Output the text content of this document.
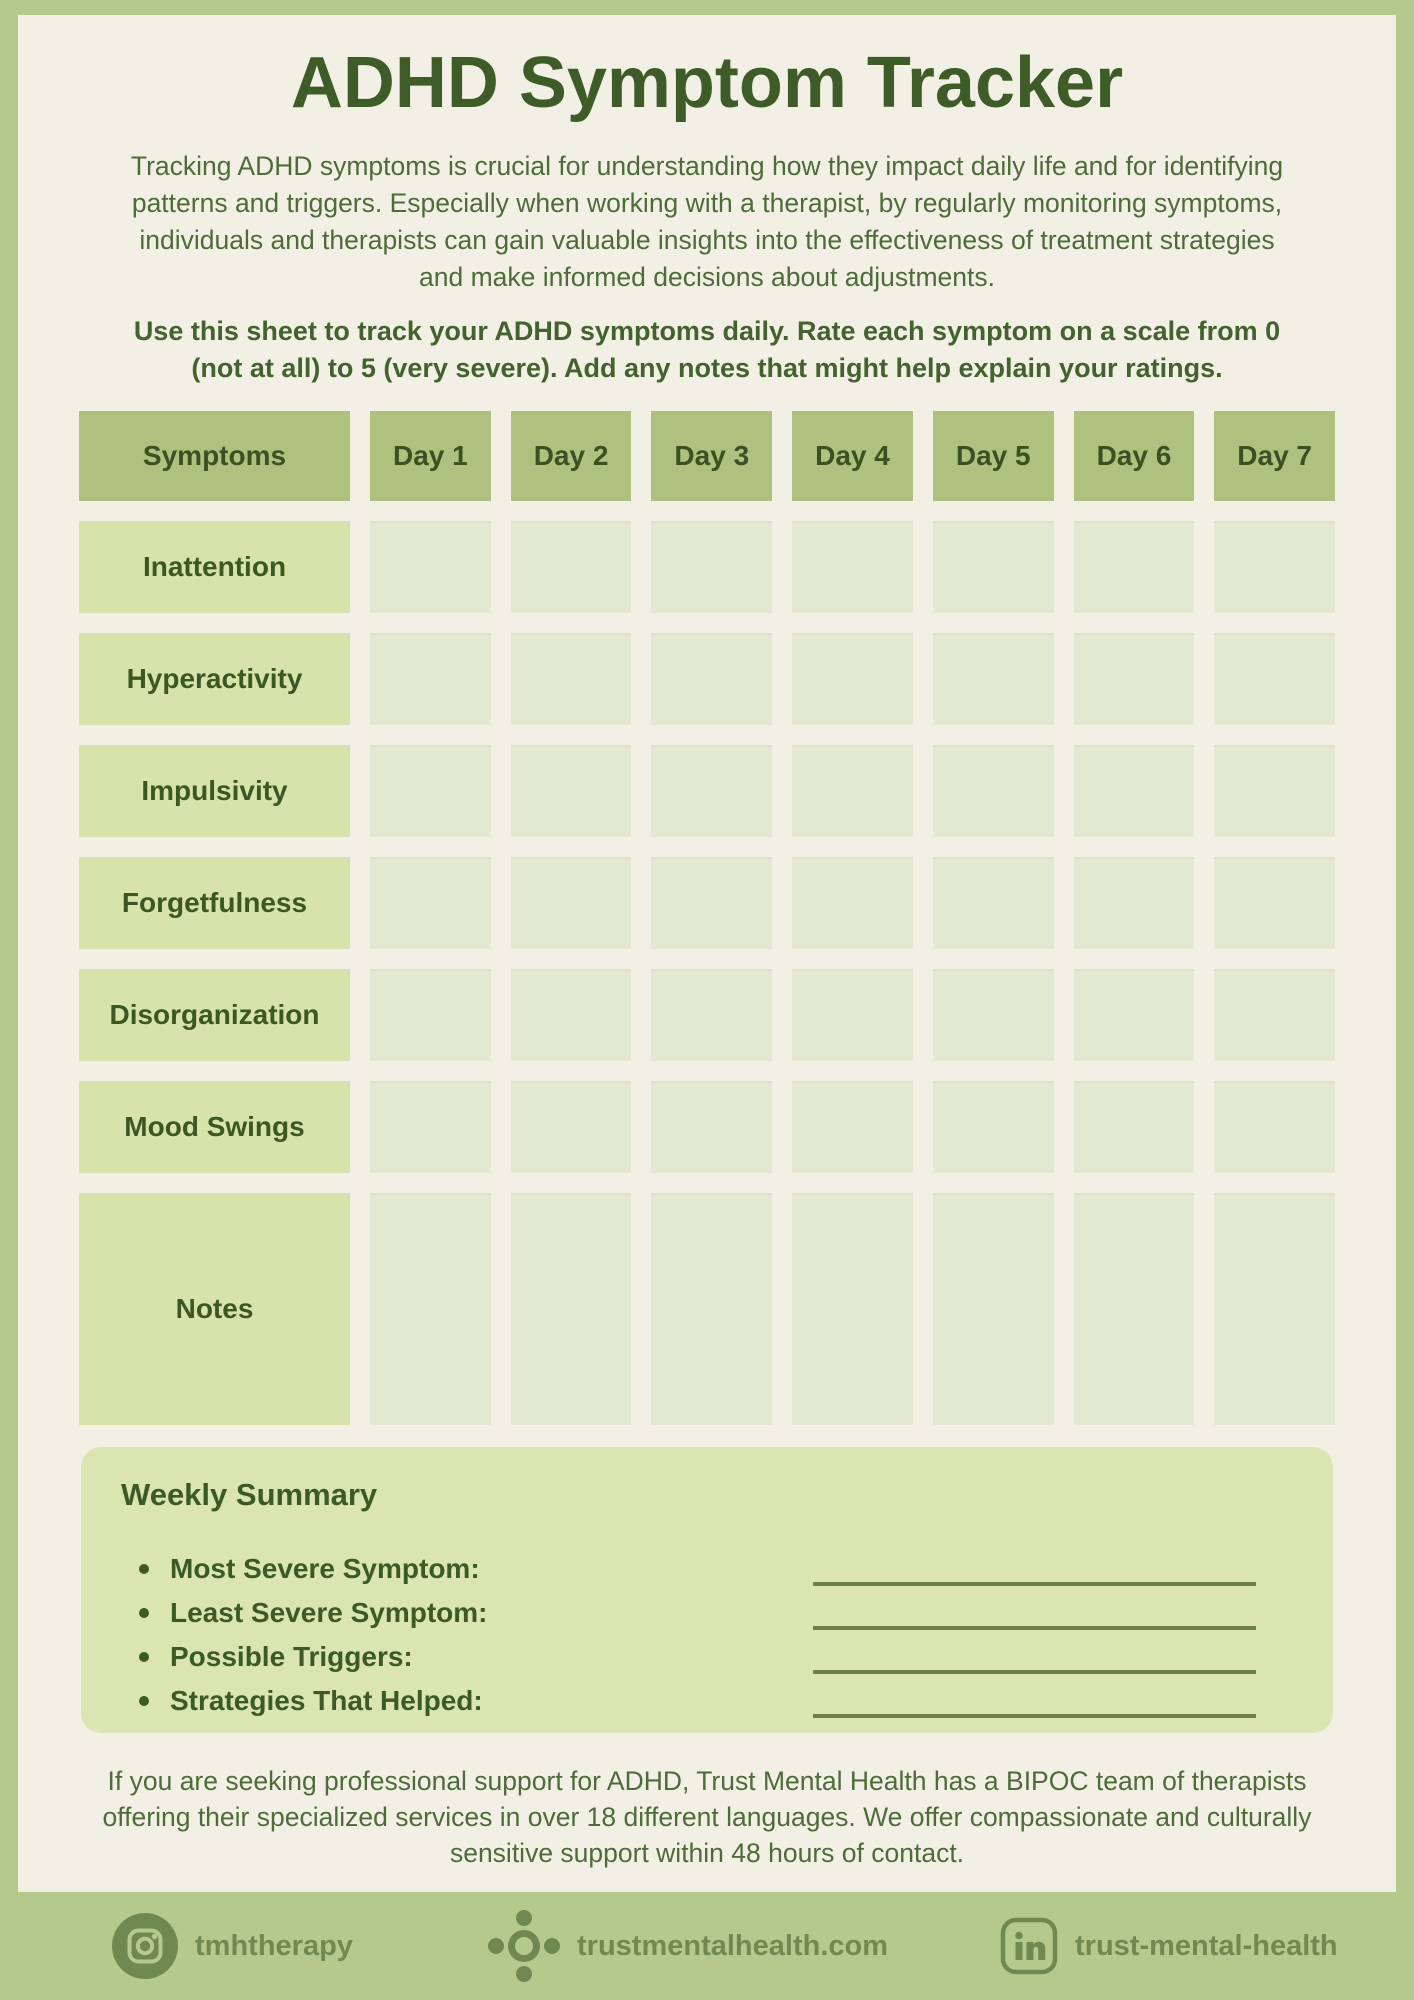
ADHD Symptom Tracker

Tracking ADHD symptoms is crucial for understanding how they impact daily life and for identifying patterns and triggers. Especially when working with a therapist, by regularly monitoring symptoms, individuals and therapists can gain valuable insights into the effectiveness of treatment strategies and make informed decisions about adjustments.

Use this sheet to track your ADHD symptoms daily. Rate each symptom on a scale from 0 (not at all) to 5 (very severe). Add any notes that might help explain your ratings.

Symptoms	Day 1	Day 2	Day 3	Day 4	Day 5	Day 6	Day 7
Inattention
Hyperactivity
Impulsivity
Forgetfulness
Disorganization
Mood Swings
Notes
Weekly Summary
Most Severe Symptom:
Least Severe Symptom:
Possible Triggers:
Strategies That Helped:

If you are seeking professional support for ADHD, Trust Mental Health has a BIPOC team of therapists offering their specialized services in over 18 different languages. We offer compassionate and culturally sensitive support within 48 hours of contact.

tmhtherapy	trustmentalhealth.com	trust-mental-health
